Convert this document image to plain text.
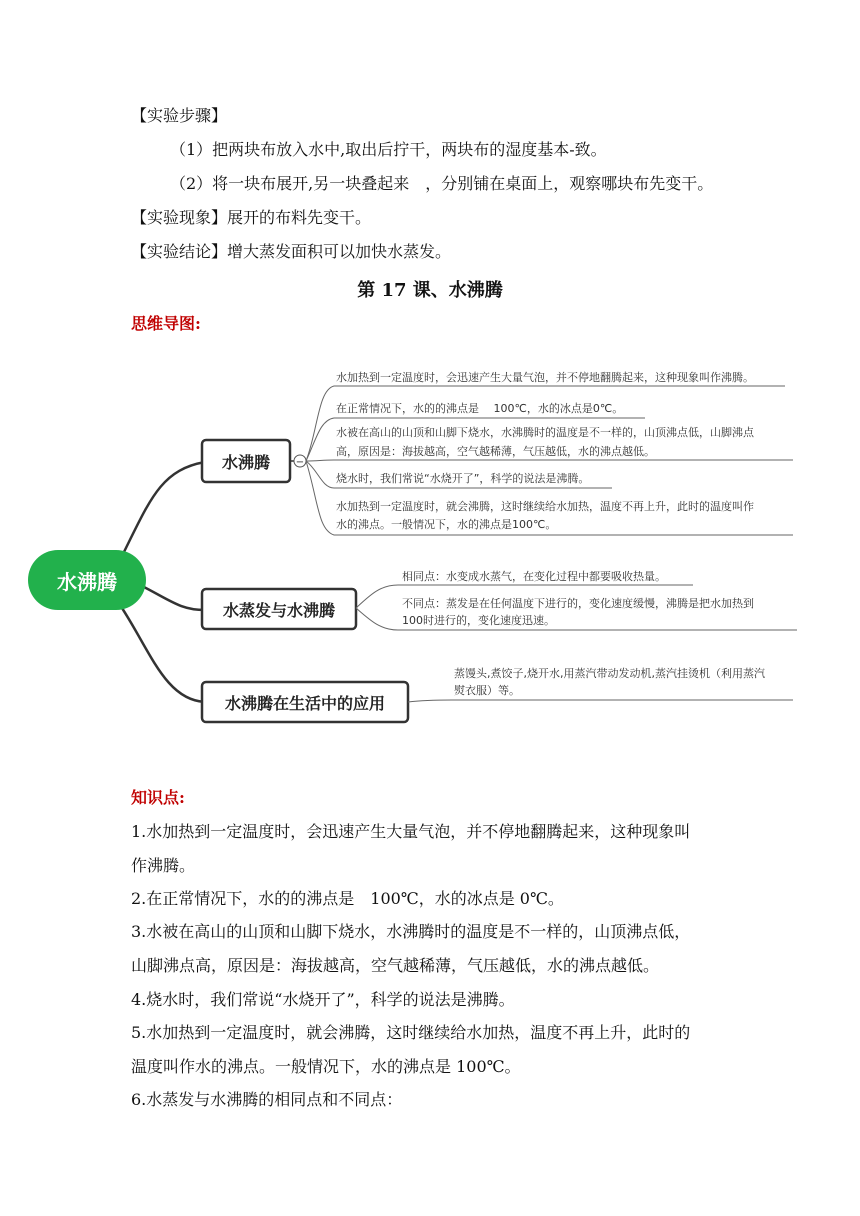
【实验步骤】
（1）把两块布放入水中,取出后拧干，两块布的湿度基本-致。
（2）将一块布展开,另一块叠起来　，分别铺在桌面上，观察哪块布先变干。
【实验现象】展开的布料先变干。
【实验结论】增大蒸发面积可以加快水蒸发。
第 17 课、水沸腾
思维导图:
水沸腾
水沸腾	−
水加热到一定温度时，会迅速产生大量气泡，并不停地翻腾起来，这种现象叫作沸腾。
在正常情况下，水的的沸点是　 100℃，水的冰点是0℃。
水被在高山的山顶和山脚下烧水，水沸腾时的温度是不一样的，山顶沸点低，山脚沸点
高，原因是：海拔越高，空气越稀薄，气压越低，水的沸点越低。
烧水时，我们常说“水烧开了”，科学的说法是沸腾。
水加热到一定温度时，就会沸腾，这时继续给水加热，温度不再上升，此时的温度叫作
水的沸点。一般情况下，水的沸点是100℃。
水蒸发与水沸腾
相同点：水变成水蒸气，在变化过程中都要吸收热量。
不同点：蒸发是在任何温度下进行的，变化速度缓慢，沸腾是把水加热到
100时进行的，变化速度迅速。
水沸腾在生活中的应用
蒸馒头,煮饺子,烧开水,用蒸汽带动发动机,蒸汽挂烫机（利用蒸汽
熨衣服）等。
知识点:
1.水加热到一定温度时，会迅速产生大量气泡，并不停地翻腾起来，这种现象叫
作沸腾。
2.在正常情况下，水的的沸点是　100℃，水的冰点是 0℃。
3.水被在高山的山顶和山脚下烧水，水沸腾时的温度是不一样的，山顶沸点低，
山脚沸点高，原因是：海拔越高，空气越稀薄，气压越低，水的沸点越低。
4.烧水时，我们常说“水烧开了”，科学的说法是沸腾。
5.水加热到一定温度时，就会沸腾，这时继续给水加热，温度不再上升，此时的
温度叫作水的沸点。一般情况下，水的沸点是 100℃。
6.水蒸发与水沸腾的相同点和不同点：
